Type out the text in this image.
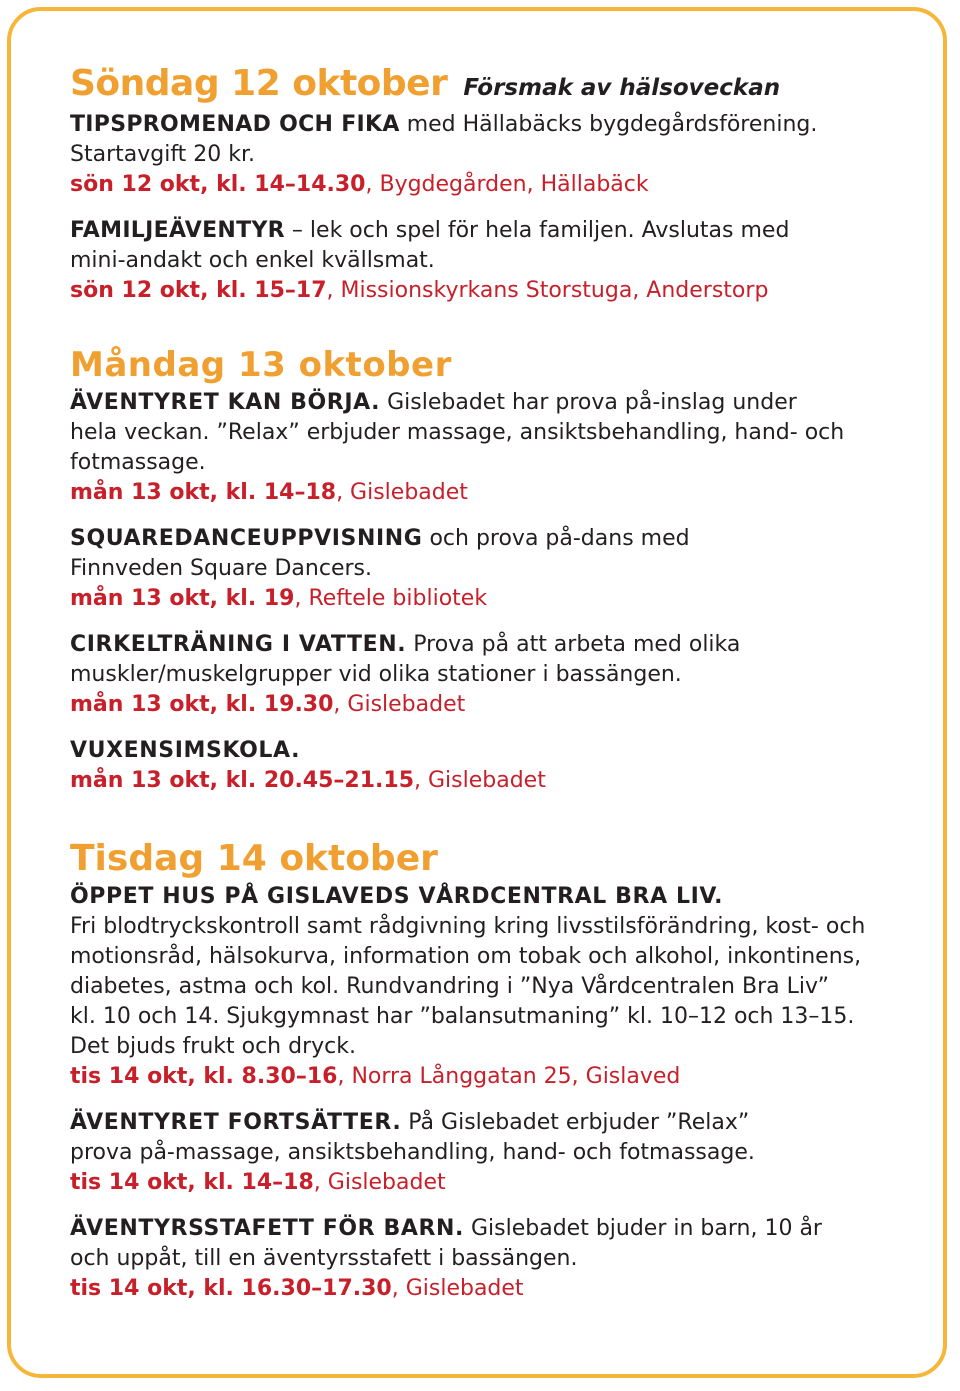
Söndag 12 oktober Försmak av hälsoveckan

TIPSPROMENAD OCH FIKA med Hällabäcks bygdegårdsförening.

Startavgift 20 kr.

sön 12 okt, kl. 14–14.30, Bygdegården, Hällabäck

FAMILJEÄVENTYR – lek och spel för hela familjen. Avslutas med

mini-andakt och enkel kvällsmat.

sön 12 okt, kl. 15–17, Missionskyrkans Storstuga, Anderstorp

Måndag 13 oktober

ÄVENTYRET KAN BÖRJA. Gislebadet har prova på-inslag under

hela veckan. ”Relax” erbjuder massage, ansiktsbehandling, hand- och

fotmassage.

mån 13 okt, kl. 14–18, Gislebadet

SQUAREDANCEUPPVISNING och prova på-dans med

Finnveden Square Dancers.

mån 13 okt, kl. 19, Reftele bibliotek

CIRKELTRÄNING I VATTEN. Prova på att arbeta med olika

muskler/muskelgrupper vid olika stationer i bassängen.

mån 13 okt, kl. 19.30, Gislebadet

VUXENSIMSKOLA.

mån 13 okt, kl. 20.45–21.15, Gislebadet

Tisdag 14 oktober

ÖPPET HUS PÅ GISLAVEDS VÅRDCENTRAL BRA LIV.

Fri blodtryckskontroll samt rådgivning kring livsstilsförändring, kost- och

motionsråd, hälsokurva, information om tobak och alkohol, inkontinens,

diabetes, astma och kol. Rundvandring i ”Nya Vårdcentralen Bra Liv”

kl. 10 och 14. Sjukgymnast har ”balansutmaning” kl. 10–12 och 13–15.

Det bjuds frukt och dryck.

tis 14 okt, kl. 8.30–16, Norra Långgatan 25, Gislaved

ÄVENTYRET FORTSÄTTER. På Gislebadet erbjuder ”Relax”

prova på-massage, ansiktsbehandling, hand- och fotmassage.

tis 14 okt, kl. 14–18, Gislebadet

ÄVENTYRSSTAFETT FÖR BARN. Gislebadet bjuder in barn, 10 år

och uppåt, till en äventyrsstafett i bassängen.

tis 14 okt, kl. 16.30–17.30, Gislebadet
